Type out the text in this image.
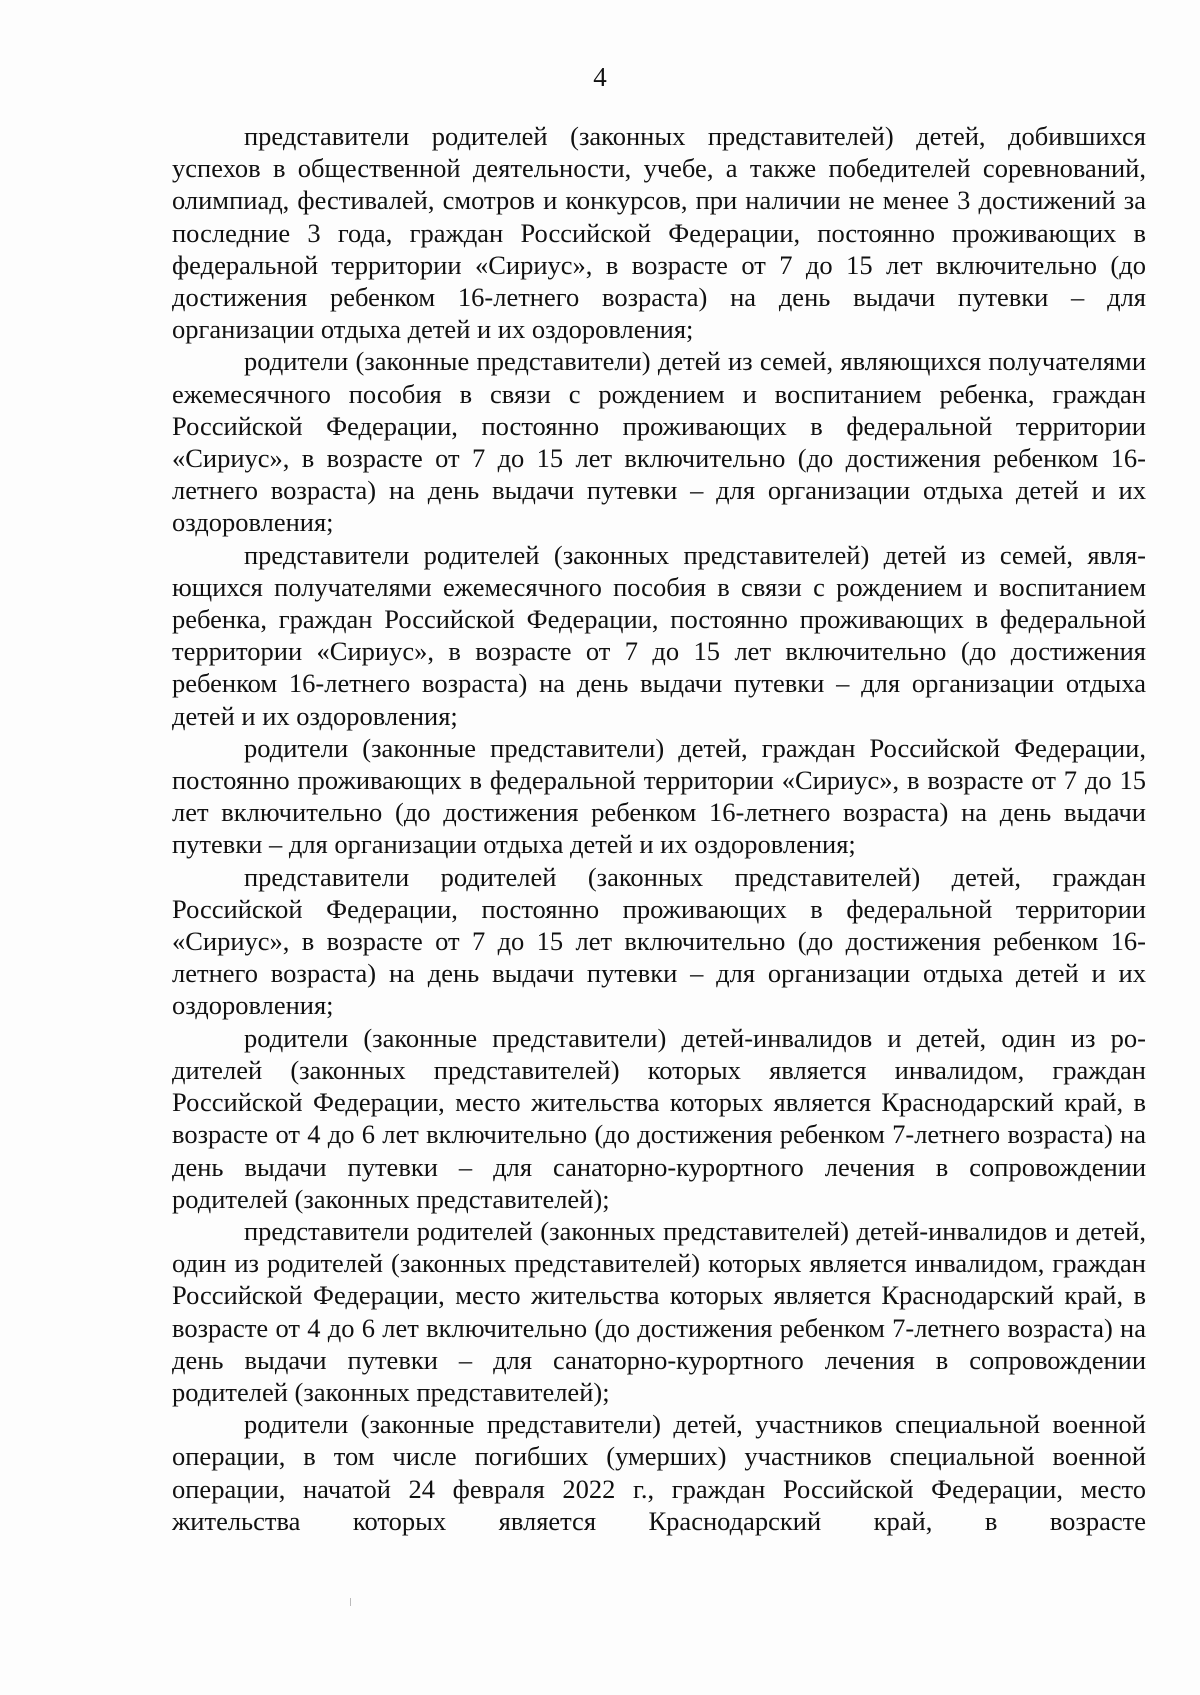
4

представители родителей (законных представителей) детей, добившихся успехов в общественной деятельности, учебе, а также победителей соревнований, олимпиад, фестивалей, смотров и конкурсов, при наличии не менее 3 достижений за последние 3 года, граждан Российской Федерации, постоянно проживающих в федеральной территории «Сириус», в возрасте от 7 до 15 лет включительно (до достижения ребенком 16-летнего возраста) на день выдачи путевки – для организации отдыха детей и их оздоровления;

родители (законные представители) детей из семей, являющихся получателями ежемесячного пособия в связи с рождением и воспитанием ребенка, граждан Российской Федерации, постоянно проживающих в федеральной территории «Сириус», в возрасте от 7 до 15 лет включительно (до достижения ребенком 16-летнего возраста) на день выдачи путевки – для организации отдыха детей и их оздоровления;

представители родителей (законных представителей) детей из семей, являющихся получателями ежемесячного пособия в связи с рождением и воспитанием ребенка, граждан Российской Федерации, постоянно проживающих в федеральной территории «Сириус», в возрасте от 7 до 15 лет включительно (до достижения ребенком 16-летнего возраста) на день выдачи путевки – для организации отдыха детей и их оздоровления;

родители (законные представители) детей, граждан Российской Федерации, постоянно проживающих в федеральной территории «Сириус», в возрасте от 7 до 15 лет включительно (до достижения ребенком 16-летнего возраста) на день выдачи путевки – для организации отдыха детей и их оздоровления;

представители родителей (законных представителей) детей, граждан Российской Федерации, постоянно проживающих в федеральной территории «Сириус», в возрасте от 7 до 15 лет включительно (до достижения ребенком 16-летнего возраста) на день выдачи путевки – для организации отдыха детей и их оздоровления;

родители (законные представители) детей-инвалидов и детей, один из родителей (законных представителей) которых является инвалидом, граждан Российской Федерации, место жительства которых является Краснодарский край, в возрасте от 4 до 6 лет включительно (до достижения ребенком 7-летнего возраста) на день выдачи путевки – для санаторно-курортного лечения в сопровождении родителей (законных представителей);

представители родителей (законных представителей) детей-инвалидов и детей, один из родителей (законных представителей) которых является инвалидом, граждан Российской Федерации, место жительства которых является Краснодарский край, в возрасте от 4 до 6 лет включительно (до достижения ребенком 7-летнего возраста) на день выдачи путевки – для санаторно-курортного лечения в сопровождении родителей (законных представителей);

родители (законные представители) детей, участников специальной военной операции, в том числе погибших (умерших) участников специальной военной операции, начатой 24 февраля 2022 г., граждан Российской Федерации, место жительства которых является Краснодарский край, в возрасте
